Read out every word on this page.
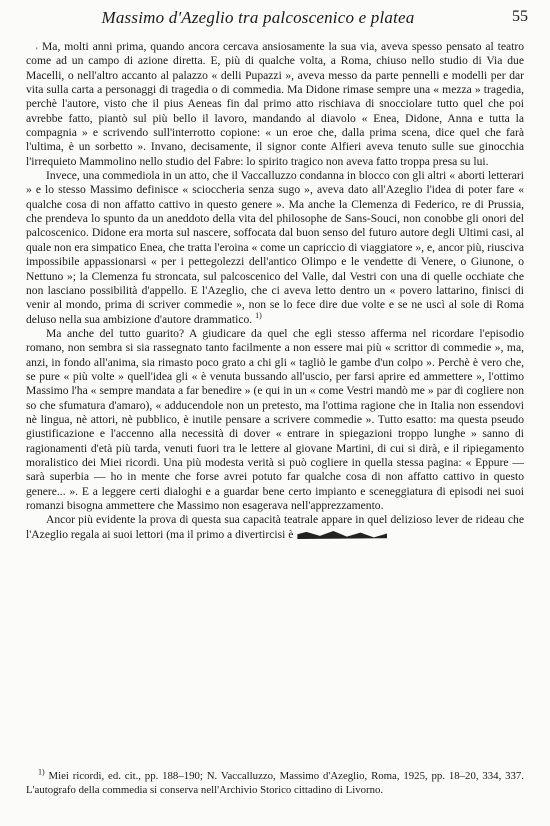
Massimo d'Azeglio tra palcoscenico e platea	55
' Ma, molti anni prima, quando ancora cercava ansiosamente la sua via, aveva spesso pensato al teatro come ad un campo di azione diretta. E, più di qualche volta, a Roma, chiuso nello studio di Via due Macelli, o nell'altro accanto al palazzo « delli Pupazzi », aveva messo da parte pennelli e modelli per dar vita sulla carta a personaggi di tragedia o di commedia. Ma Didone rimase sempre una « mezza » tragedia, perchè l'autore, visto che il pius Aeneas fin dal primo atto rischiava di snocciolare tutto quel che poi avrebbe fatto, piantò sul più bello il lavoro, mandando al diavolo « Enea, Didone, Anna e tutta la compagnia » e scrivendo sull'interrotto copione: « un eroe che, dalla prima scena, dice quel che farà l'ultima, è un sorbetto ». Invano, decisamente, il signor conte Alfieri aveva tenuto sulle sue ginocchia l'irrequieto Mammolino nello studio del Fabre: lo spirito tragico non aveva fatto troppa presa su lui.

Invece, una commediola in un atto, che il Vaccalluzzo condanna in blocco con gli altri « aborti letterari » e lo stesso Massimo definisce « scioccheria senza sugo », aveva dato all'Azeglio l'idea di poter fare « qualche cosa di non affatto cattivo in questo genere ». Ma anche la Clemenza di Federico, re di Prussia, che prendeva lo spunto da un aneddoto della vita del philosophe de Sans-Souci, non conobbe gli onori del palcoscenico. Didone era morta sul nascere, soffocata dal buon senso del futuro autore degli Ultimi casi, al quale non era simpatico Enea, che tratta l'eroina « come un capriccio di viaggiatore », e, ancor più, riusciva impossibile appassionarsi « per i pettegolezzi dell'antico Olimpo e le vendette di Venere, o Giunone, o Nettuno »; la Clemenza fu stroncata, sul palcoscenico del Valle, dal Vestri con una di quelle occhiate che non lasciano possibilità d'appello. E l'Azeglio, che ci aveva letto dentro un « povero lattarino, finisci di venir al mondo, prima di scriver commedie », non se lo fece dire due volte e se ne uscì al sole di Roma deluso nella sua ambizione d'autore drammatico. $^{1)}$

Ma anche del tutto guarito? A giudicare da quel che egli stesso afferma nel ricordare l'episodio romano, non sembra si sia rassegnato tanto facilmente a non essere mai più « scrittor di commedie », ma, anzi, in fondo all'anima, sia rimasto poco grato a chi gli « tagliò le gambe d'un colpo ». Perchè è vero che, se pure « più volte » quell'idea gli « è venuta bussando all'uscio, per farsi aprire ed ammettere », l'ottimo Massimo l'ha « sempre mandata a far benedire » (e qui in un « come Vestri mandò me » par di cogliere non so che sfumatura d'amaro), « adducendole non un pretesto, ma l'ottima ragione che in Italia non essendovi nè lingua, nè attori, nè pubblico, è inutile pensare a scrivere commedie ». Tutto esatto: ma questa pseudo giustificazione e l'accenno alla necessità di dover « entrare in spiegazioni troppo lunghe » sanno di ragionamenti d'età più tarda, venuti fuori tra le lettere al giovane Martini, di cui si dirà, e il ripiegamento moralistico dei Miei ricordi. Una più modesta verità si può cogliere in quella stessa pagina: « Eppure — sarà superbia — ho in mente che forse avrei potuto far qualche cosa di non affatto cattivo in questo genere... ». E a leggere certi dialoghi e a guardar bene certo impianto e sceneggiatura di episodi nei suoi romanzi bisogna ammettere che Massimo non esagerava nell'apprezzamento.

Ancor più evidente la prova di questa sua capacità teatrale appare in quel delizioso lever de rideau che l'Azeglio regala ai suoi lettori (ma il primo a divertircisi è

$^{1)}$ Miei ricordi, ed. cit., pp. 188–190; N. Vaccalluzzo, Massimo d'Azeglio, Roma, 1925, pp. 18–20, 334, 337. L'autografo della commedia si conserva nell'Archivio Storico cittadino di Livorno.
